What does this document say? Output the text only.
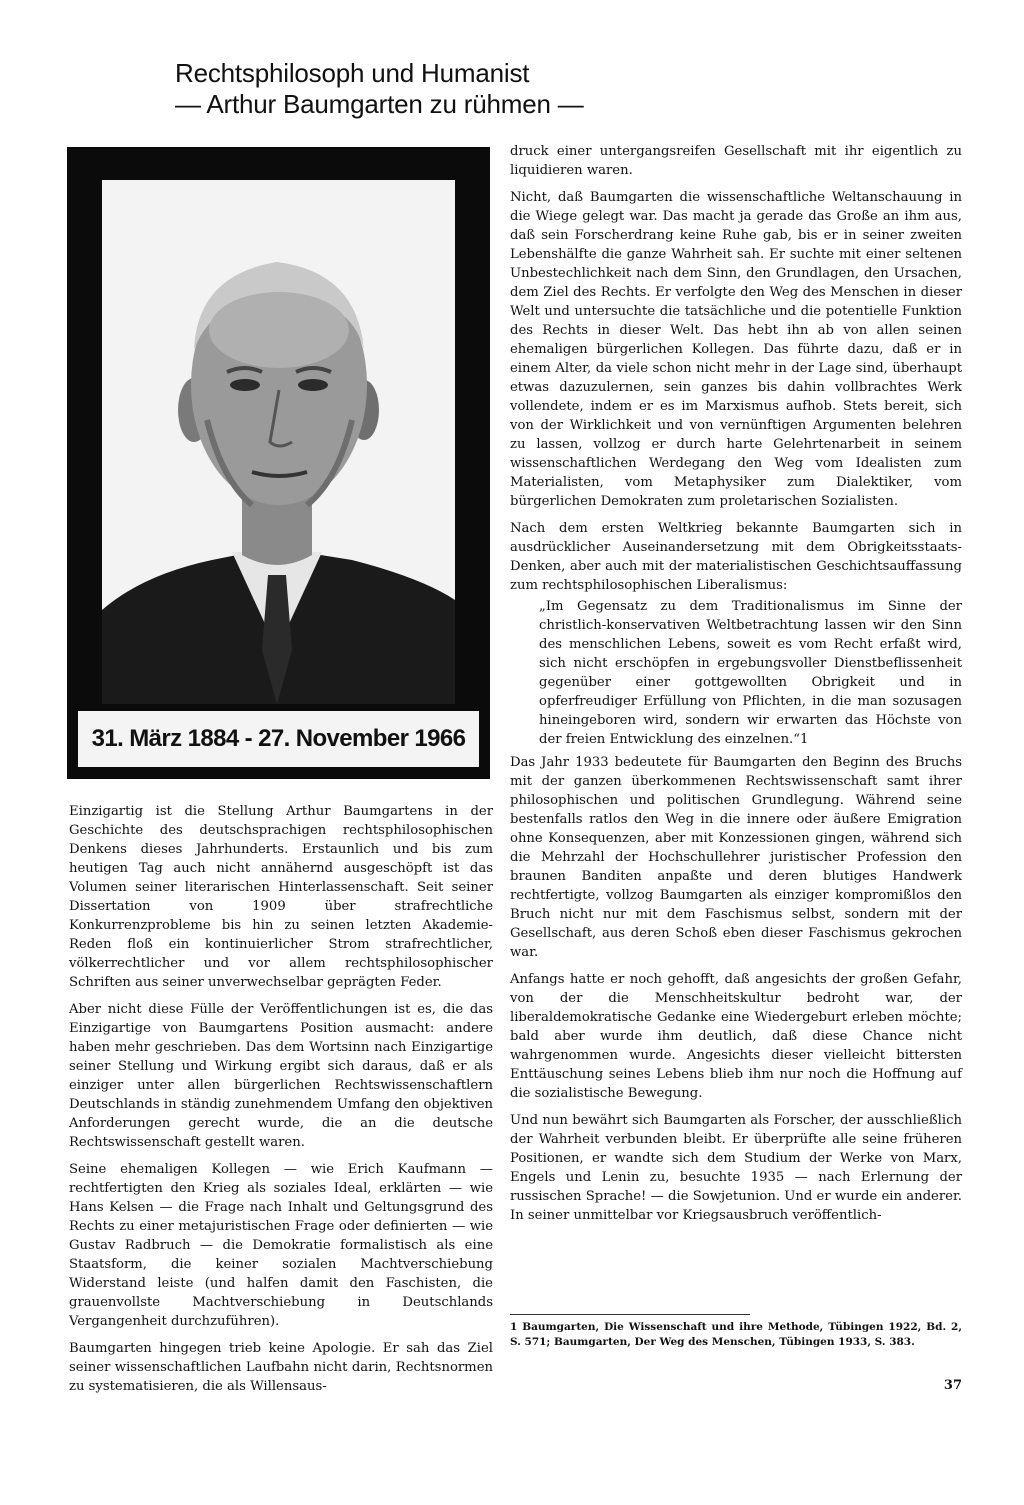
Rechtsphilosoph und Humanist
— Arthur Baumgarten zu rühmen —
31. März 1884 - 27. November 1966

Einzigartig ist die Stellung Arthur Baumgartens in der Geschichte des deutschsprachigen rechtsphilosophischen Denkens dieses Jahrhunderts. Erstaunlich und bis zum heutigen Tag auch nicht annähernd ausgeschöpft ist das Volumen seiner literarischen Hinterlassenschaft. Seit seiner Dissertation von 1909 über strafrechtliche Konkurrenzprobleme bis hin zu seinen letzten Akademie-Reden floß ein kontinuierlicher Strom strafrechtlicher, völkerrechtlicher und vor allem rechtsphilosophischer Schriften aus seiner unverwechselbar geprägten Feder.

Aber nicht diese Fülle der Veröffentlichungen ist es, die das Einzigartige von Baumgartens Position ausmacht: andere haben mehr geschrieben. Das dem Wortsinn nach Einzigartige seiner Stellung und Wirkung ergibt sich daraus, daß er als einziger unter allen bürgerlichen Rechtswissenschaftlern Deutschlands in ständig zunehmendem Umfang den objektiven Anforderungen gerecht wurde, die an die deutsche Rechtswissenschaft gestellt waren.

Seine ehemaligen Kollegen — wie Erich Kaufmann — rechtfertigten den Krieg als soziales Ideal, erklärten — wie Hans Kelsen — die Frage nach Inhalt und Geltungsgrund des Rechts zu einer metajuristischen Frage oder definierten — wie Gustav Radbruch — die Demokratie formalistisch als eine Staatsform, die keiner sozialen Machtverschiebung Widerstand leiste (und halfen damit den Faschisten, die grauenvollste Machtverschiebung in Deutschlands Vergangenheit durchzuführen).

Baumgarten hingegen trieb keine Apologie. Er sah das Ziel seiner wissenschaftlichen Laufbahn nicht darin, Rechtsnormen zu systematisieren, die als Willensaus-

druck einer untergangsreifen Gesellschaft mit ihr eigentlich zu liquidieren waren.

Nicht, daß Baumgarten die wissenschaftliche Weltanschauung in die Wiege gelegt war. Das macht ja gerade das Große an ihm aus, daß sein Forscherdrang keine Ruhe gab, bis er in seiner zweiten Lebenshälfte die ganze Wahrheit sah. Er suchte mit einer seltenen Unbestechlichkeit nach dem Sinn, den Grundlagen, den Ursachen, dem Ziel des Rechts. Er verfolgte den Weg des Menschen in dieser Welt und untersuchte die tatsächliche und die potentielle Funktion des Rechts in dieser Welt. Das hebt ihn ab von allen seinen ehemaligen bürgerlichen Kollegen. Das führte dazu, daß er in einem Alter, da viele schon nicht mehr in der Lage sind, überhaupt etwas dazuzulernen, sein ganzes bis dahin vollbrachtes Werk vollendete, indem er es im Marxismus aufhob. Stets bereit, sich von der Wirklichkeit und von vernünftigen Argumenten belehren zu lassen, vollzog er durch harte Gelehrtenarbeit in seinem wissenschaftlichen Werdegang den Weg vom Idealisten zum Materialisten, vom Metaphysiker zum Dialektiker, vom bürgerlichen Demokraten zum proletarischen Sozialisten.

Nach dem ersten Weltkrieg bekannte Baumgarten sich in ausdrücklicher Auseinandersetzung mit dem Obrigkeitsstaats-Denken, aber auch mit der materialistischen Geschichtsauffassung zum rechtsphilosophischen Liberalismus:

„Im Gegensatz zu dem Traditionalismus im Sinne der christlich-konservativen Weltbetrachtung lassen wir den Sinn des menschlichen Lebens, soweit es vom Recht erfaßt wird, sich nicht erschöpfen in ergebungsvoller Dienstbeflissenheit gegenüber einer gottgewollten Obrigkeit und in opferfreudiger Erfüllung von Pflichten, in die man sozusagen hineingeboren wird, sondern wir erwarten das Höchste von der freien Entwicklung des einzelnen.“1

Das Jahr 1933 bedeutete für Baumgarten den Beginn des Bruchs mit der ganzen überkommenen Rechtswissenschaft samt ihrer philosophischen und politischen Grundlegung. Während seine bestenfalls ratlos den Weg in die innere oder äußere Emigration ohne Konsequenzen, aber mit Konzessionen gingen, während sich die Mehrzahl der Hochschullehrer juristischer Profession den braunen Banditen anpaßte und deren blutiges Handwerk rechtfertigte, vollzog Baumgarten als einziger kompromißlos den Bruch nicht nur mit dem Faschismus selbst, sondern mit der Gesellschaft, aus deren Schoß eben dieser Faschismus gekrochen war.

Anfangs hatte er noch gehofft, daß angesichts der großen Gefahr, von der die Menschheitskultur bedroht war, der liberaldemokratische Gedanke eine Wiedergeburt erleben möchte; bald aber wurde ihm deutlich, daß diese Chance nicht wahrgenommen wurde. Angesichts dieser vielleicht bittersten Enttäuschung seines Lebens blieb ihm nur noch die Hoffnung auf die sozialistische Bewegung.

Und nun bewährt sich Baumgarten als Forscher, der ausschließlich der Wahrheit verbunden bleibt. Er überprüfte alle seine früheren Positionen, er wandte sich dem Studium der Werke von Marx, Engels und Lenin zu, besuchte 1935 — nach Erlernung der russischen Sprache! — die Sowjetunion. Und er wurde ein anderer. In seiner unmittelbar vor Kriegsausbruch veröffentlich-

1 Baumgarten, Die Wissenschaft und ihre Methode, Tübingen 1922, Bd. 2, S. 571; Baumgarten, Der Weg des Menschen, Tübingen 1933, S. 383.
37
